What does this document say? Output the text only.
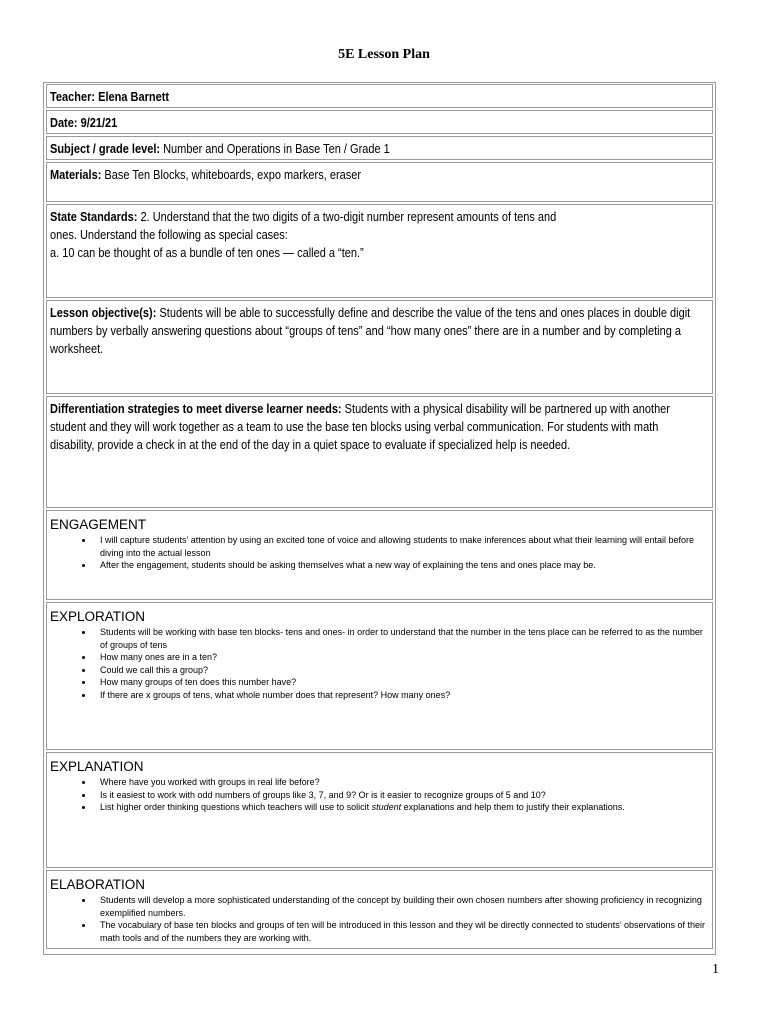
5E Lesson Plan
Teacher: Elena Barnett
Date: 9/21/21
Subject / grade level: Number and Operations in Base Ten / Grade 1
Materials: Base Ten Blocks, whiteboards, expo markers, eraser
State Standards: 2. Understand that the two digits of a two-digit number represent amounts of tens and
ones. Understand the following as special cases:
a. 10 can be thought of as a bundle of ten ones — called a “ten.”
Lesson objective(s): Students will be able to successfully define and describe the value of the tens and ones places in double digit numbers by verbally answering questions about “groups of tens” and “how many ones” there are in a number and by completing a worksheet.
Differentiation strategies to meet diverse learner needs: Students with a physical disability will be partnered up with another student and they will work together as a team to use the base ten blocks using verbal communication. For students with math disability, provide a check in at the end of the day in a quiet space to evaluate if specialized help is needed.
ENGAGEMENT
• I will capture students’ attention by using an excited tone of voice and allowing students to make inferences about what their learning will entail before diving into the actual lesson
• After the engagement, students should be asking themselves what a new way of explaining the tens and ones place may be.
EXPLORATION
• Students will be working with base ten blocks- tens and ones- in order to understand that the number in the tens place can be referred to as the number of groups of tens
• How many ones are in a ten?
• Could we call this a group?
• How many groups of ten does this number have?
• If there are x groups of tens, what whole number does that represent? How many ones?
EXPLANATION
• Where have you worked with groups in real life before?
• Is it easiest to work with odd numbers of groups like 3, 7, and 9? Or is it easier to recognize groups of 5 and 10?
• List higher order thinking questions which teachers will use to solicit student explanations and help them to justify their explanations.
ELABORATION
• Students will develop a more sophisticated understanding of the concept by building their own chosen numbers after showing proficiency in recognizing exemplified numbers.
• The vocabulary of base ten blocks and groups of ten will be introduced in this lesson and they wil be directly connected to students’ observations of their math tools and of the numbers they are working with.
1
